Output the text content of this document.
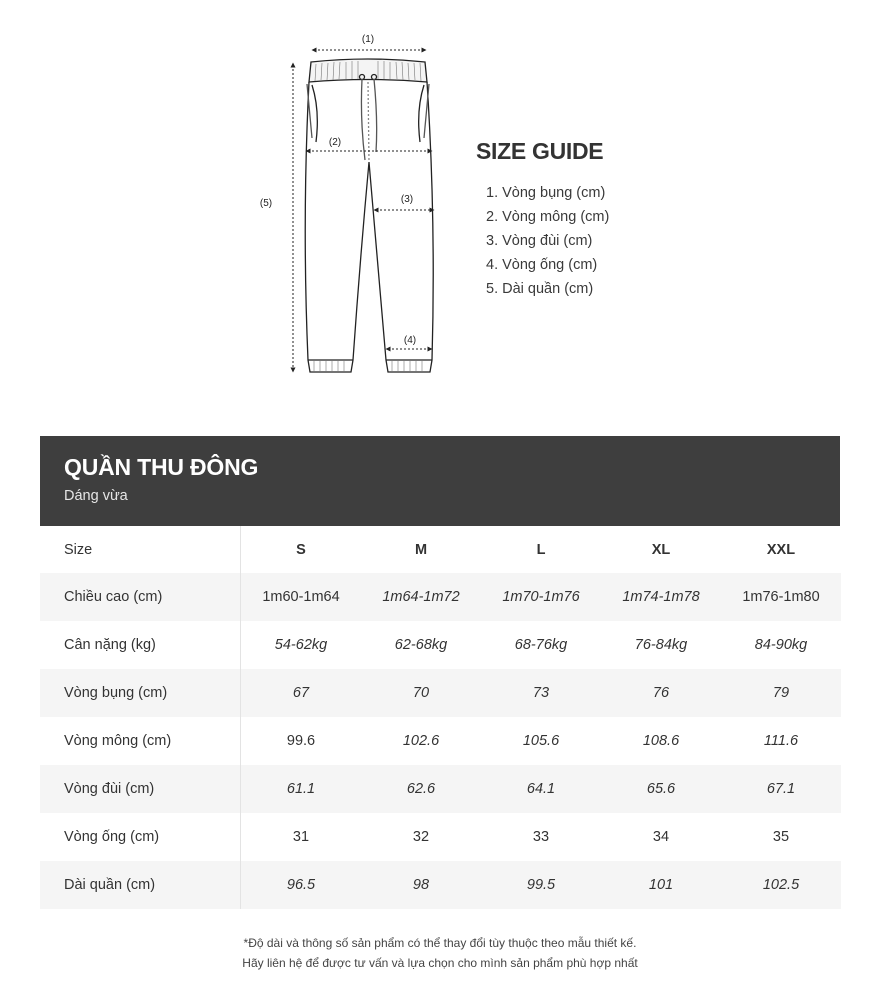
(1)
(2)
(3)
(4)
(5)
SIZE GUIDE
1. Vòng bụng (cm)
2. Vòng mông (cm)
3. Vòng đùi (cm)
4. Vòng ống (cm)
5. Dài quần (cm)
QUẦN THU ĐÔNG
Dáng vừa
Size	S	M	L	XL	XXL
Chiều cao (cm)	1m60-1m64	1m64-1m72	1m70-1m76	1m74-1m78	1m76-1m80
Cân nặng (kg)	54-62kg	62-68kg	68-76kg	76-84kg	84-90kg
Vòng bụng (cm)	67	70	73	76	79
Vòng mông (cm)	99.6	102.6	105.6	108.6	111.6
Vòng đùi (cm)	61.1	62.6	64.1	65.6	67.1
Vòng ống (cm)	31	32	33	34	35
Dài quần (cm)	96.5	98	99.5	101	102.5
*Độ dài và thông số sản phẩm có thể thay đổi tùy thuộc theo mẫu thiết kế.
Hãy liên hệ để được tư vấn và lựa chọn cho mình sản phẩm phù hợp nhất
